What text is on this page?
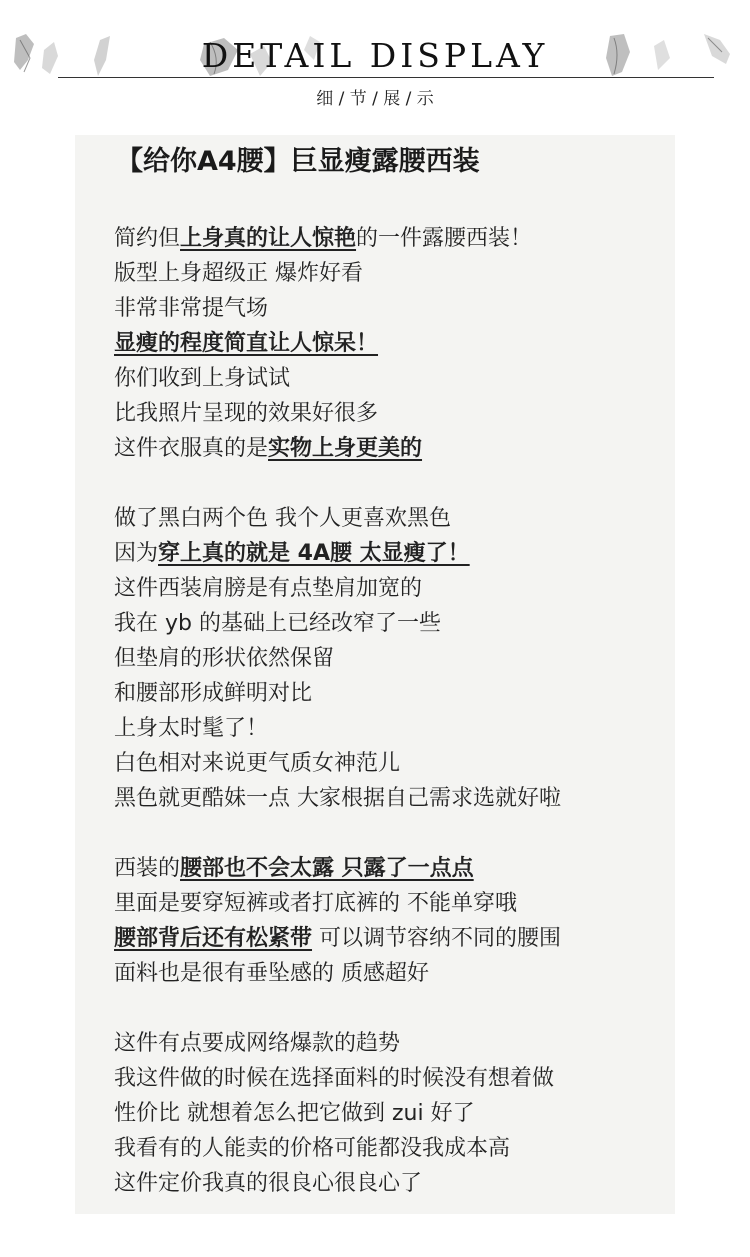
DETAIL DISPLAY
细 / 节 / 展 / 示
【给你A4腰】巨显瘦露腰西装
简约但上身真的让人惊艳的一件露腰西装！
版型上身超级正 爆炸好看
非常非常提气场
显瘦的程度简直让人惊呆！
你们收到上身试试
比我照片呈现的效果好很多
这件衣服真的是实物上身更美的
做了黑白两个色 我个人更喜欢黑色
因为穿上真的就是 4A腰 太显瘦了！
这件西装肩膀是有点垫肩加宽的
我在 yb 的基础上已经改窄了一些
但垫肩的形状依然保留
和腰部形成鲜明对比
上身太时髦了！
白色相对来说更气质女神范儿
黑色就更酷妹一点 大家根据自己需求选就好啦
西装的腰部也不会太露 只露了一点点
里面是要穿短裤或者打底裤的 不能单穿哦
腰部背后还有松紧带 可以调节容纳不同的腰围
面料也是很有垂坠感的 质感超好
这件有点要成网络爆款的趋势
我这件做的时候在选择面料的时候没有想着做
性价比 就想着怎么把它做到 zui 好了
我看有的人能卖的价格可能都没我成本高
这件定价我真的很良心很良心了
